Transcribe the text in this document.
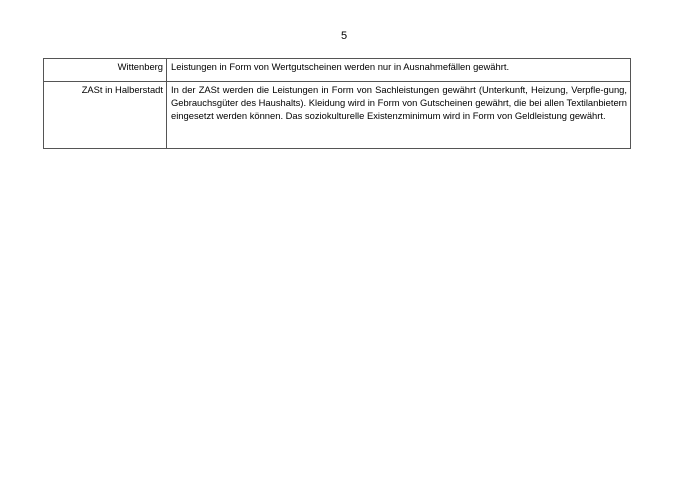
5
Wittenberg	Leistungen in Form von Wertgutscheinen werden nur in Ausnahmefällen gewährt.
ZASt in Halberstadt	In der ZASt werden die Leistungen in Form von Sachleistungen gewährt (Unterkunft, Heizung, Verpfle-gung, Gebrauchsgüter des Haushalts). Kleidung wird in Form von Gutscheinen gewährt, die bei allen Textilanbietern eingesetzt werden können. Das soziokulturelle Existenzminimum wird in Form von Geldleistung gewährt.
